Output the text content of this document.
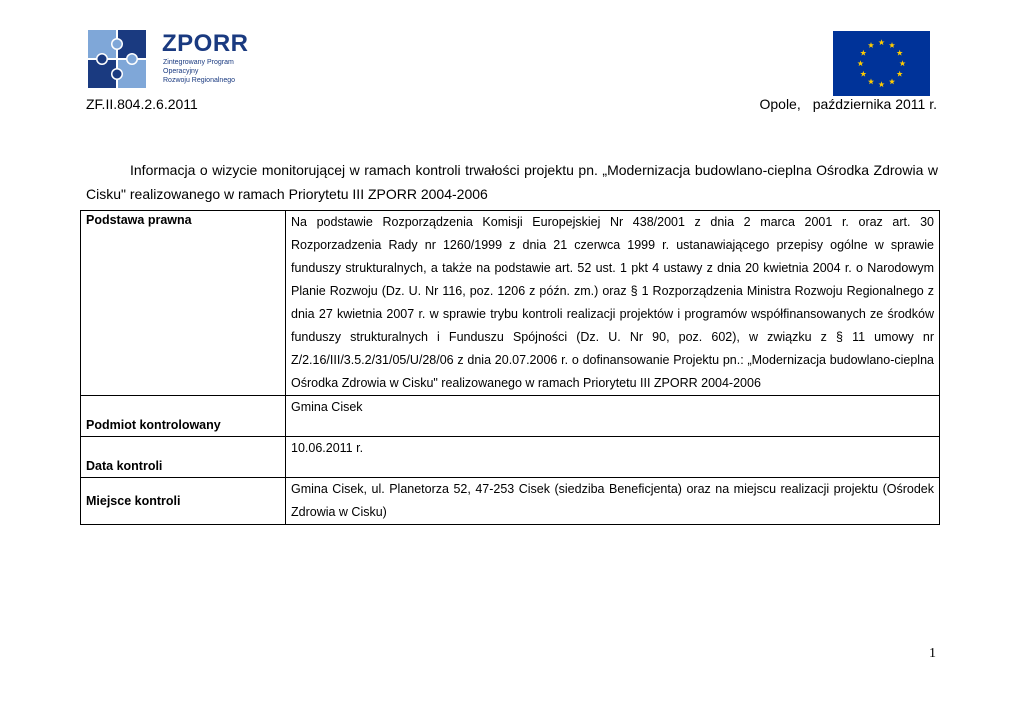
ZPORR
Zintegrowany Program
Operacyjny
Rozwoju Regionalnego
ZF.II.804.2.6.2011	Opole, października 2011 r.
Informacja o wizycie monitorującej w ramach kontroli trwałości projektu pn. „Modernizacja budowlano-cieplna Ośrodka Zdrowia w Cisku" realizowanego w ramach Priorytetu III ZPORR 2004-2006
Podstawa prawna	Na podstawie Rozporządzenia Komisji Europejskiej Nr 438/2001 z dnia 2 marca 2001 r. oraz art. 30 Rozporzadzenia Rady nr 1260/1999 z dnia 21 czerwca 1999 r. ustanawiającego przepisy ogólne w sprawie funduszy strukturalnych, a także na podstawie art. 52 ust. 1 pkt 4 ustawy z dnia 20 kwietnia 2004 r. o Narodowym Planie Rozwoju (Dz. U. Nr 116, poz. 1206 z późn. zm.) oraz § 1 Rozporządzenia Ministra Rozwoju Regionalnego z dnia 27 kwietnia 2007 r. w sprawie trybu kontroli realizacji projektów i programów współfinansowanych ze środków funduszy strukturalnych i Funduszu Spójności (Dz. U. Nr 90, poz. 602), w związku z § 11 umowy nr Z/2.16/III/3.5.2/31/05/U/28/06 z dnia 20.07.2006 r. o dofinansowanie Projektu pn.: „Modernizacja budowlano-cieplna Ośrodka Zdrowia w Cisku" realizowanego w ramach Priorytetu III ZPORR 2004-2006
Podmiot kontrolowany	Gmina Cisek
Data kontroli	10.06.2011 r.
Miejsce kontroli	Gmina Cisek, ul. Planetorza 52, 47-253 Cisek (siedziba Beneficjenta) oraz na miejscu realizacji projektu (Ośrodek Zdrowia w Cisku)
1
